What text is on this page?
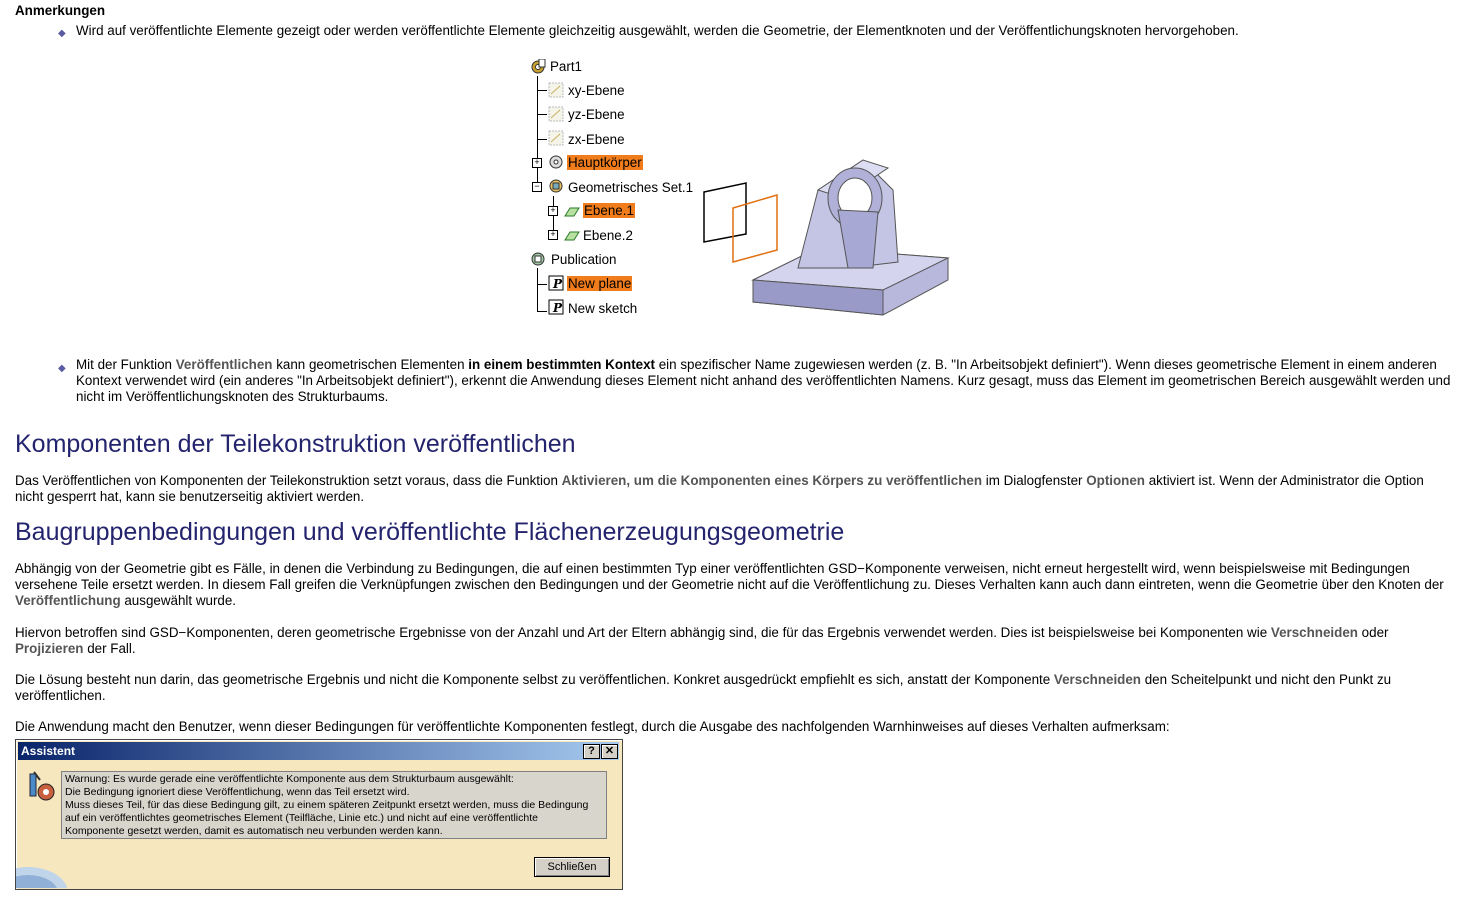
Anmerkungen
◆ Wird auf veröffentlichte Elemente gezeigt oder werden veröffentlichte Elemente gleichzeitig ausgewählt, werden die Geometrie, der Elementknoten und der Veröffentlichungsknoten hervorgehoben.
Part1
xy-Ebene
yz-Ebene
zx-Ebene
+ Hauptkörper
− Geometrisches Set.1
+ Ebene.1
+ Ebene.2
Publication
P New plane
P New sketch
◆ Mit der Funktion Veröffentlichen kann geometrischen Elementen in einem bestimmten Kontext ein spezifischer Name zugewiesen werden (z. B. "In Arbeitsobjekt definiert"). Wenn dieses geometrische Element in einem anderen Kontext verwendet wird (ein anderes "In Arbeitsobjekt definiert"), erkennt die Anwendung dieses Element nicht anhand des veröffentlichten Namens. Kurz gesagt, muss das Element im geometrischen Bereich ausgewählt werden und nicht im Veröffentlichungsknoten des Strukturbaums.
Komponenten der Teilekonstruktion veröffentlichen
Das Veröffentlichen von Komponenten der Teilekonstruktion setzt voraus, dass die Funktion Aktivieren, um die Komponenten eines Körpers zu veröffentlichen im Dialogfenster Optionen aktiviert ist. Wenn der Administrator die Option nicht gesperrt hat, kann sie benutzerseitig aktiviert werden.
Baugruppenbedingungen und veröffentlichte Flächenerzeugungsgeometrie
Abhängig von der Geometrie gibt es Fälle, in denen die Verbindung zu Bedingungen, die auf einen bestimmten Typ einer veröffentlichten GSD−Komponente verweisen, nicht erneut hergestellt wird, wenn beispielsweise mit Bedingungen versehene Teile ersetzt werden. In diesem Fall greifen die Verknüpfungen zwischen den Bedingungen und der Geometrie nicht auf die Veröffentlichung zu. Dieses Verhalten kann auch dann eintreten, wenn die Geometrie über den Knoten der Veröffentlichung ausgewählt wurde.
Hiervon betroffen sind GSD−Komponenten, deren geometrische Ergebnisse von der Anzahl und Art der Eltern abhängig sind, die für das Ergebnis verwendet werden. Dies ist beispielsweise bei Komponenten wie Verschneiden oder Projizieren der Fall.
Die Lösung besteht nun darin, das geometrische Ergebnis und nicht die Komponente selbst zu veröffentlichen. Konkret ausgedrückt empfiehlt es sich, anstatt der Komponente Verschneiden den Scheitelpunkt und nicht den Punkt zu veröffentlichen.
Die Anwendung macht den Benutzer, wenn dieser Bedingungen für veröffentlichte Komponenten festlegt, durch die Ausgabe des nachfolgenden Warnhinweises auf dieses Verhalten aufmerksam:
Assistent	? ✕
Warnung: Es wurde gerade eine veröffentlichte Komponente aus dem Strukturbaum ausgewählt:
Die Bedingung ignoriert diese Veröffentlichung, wenn das Teil ersetzt wird.
Muss dieses Teil, für das diese Bedingung gilt, zu einem späteren Zeitpunkt ersetzt werden, muss die Bedingung
auf ein veröffentlichtes geometrisches Element (Teilfläche, Linie etc.) und nicht auf eine veröffentlichte
Komponente gesetzt werden, damit es automatisch neu verbunden werden kann.
Schließen
